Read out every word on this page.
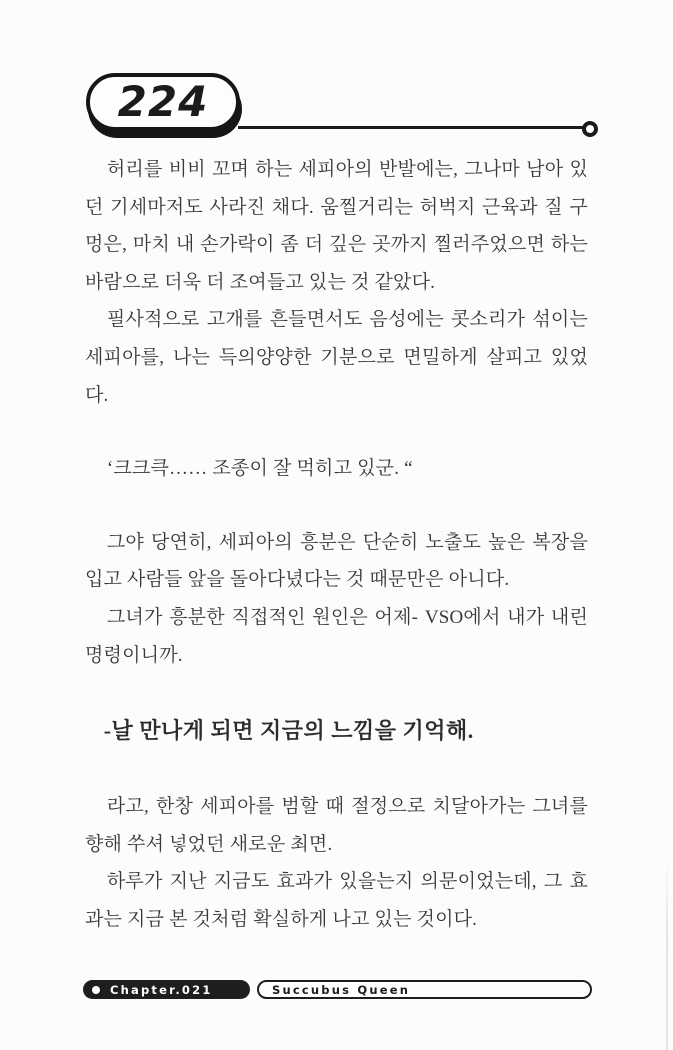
224

허리를 비비 꼬며 하는 세피아의 반발에는, 그나마 남아 있던 기세마저도 사라진 채다. 움찔거리는 허벅지 근육과 질 구멍은, 마치 내 손가락이 좀 더 깊은 곳까지 찔러주었으면 하는 바람으로 더욱 더 조여들고 있는 것 같았다.

필사적으로 고개를 흔들면서도 음성에는 콧소리가 섞이는 세피아를, 나는 득의양양한 기분으로 면밀하게 살피고 있었다.

‘크크큭…… 조종이 잘 먹히고 있군. “

그야 당연히, 세피아의 흥분은 단순히 노출도 높은 복장을 입고 사람들 앞을 돌아다녔다는 것 때문만은 아니다.

그녀가 흥분한 직접적인 원인은 어제- VSO에서 내가 내린 명령이니까.

-날 만나게 되면 지금의 느낌을 기억해.

라고, 한창 세피아를 범할 때 절정으로 치달아가는 그녀를 향해 쑤셔 넣었던 새로운 최면.

하루가 지난 지금도 효과가 있을는지 의문이었는데, 그 효과는 지금 본 것처럼 확실하게 나고 있는 것이다.

Chapter.021	Succubus Queen
